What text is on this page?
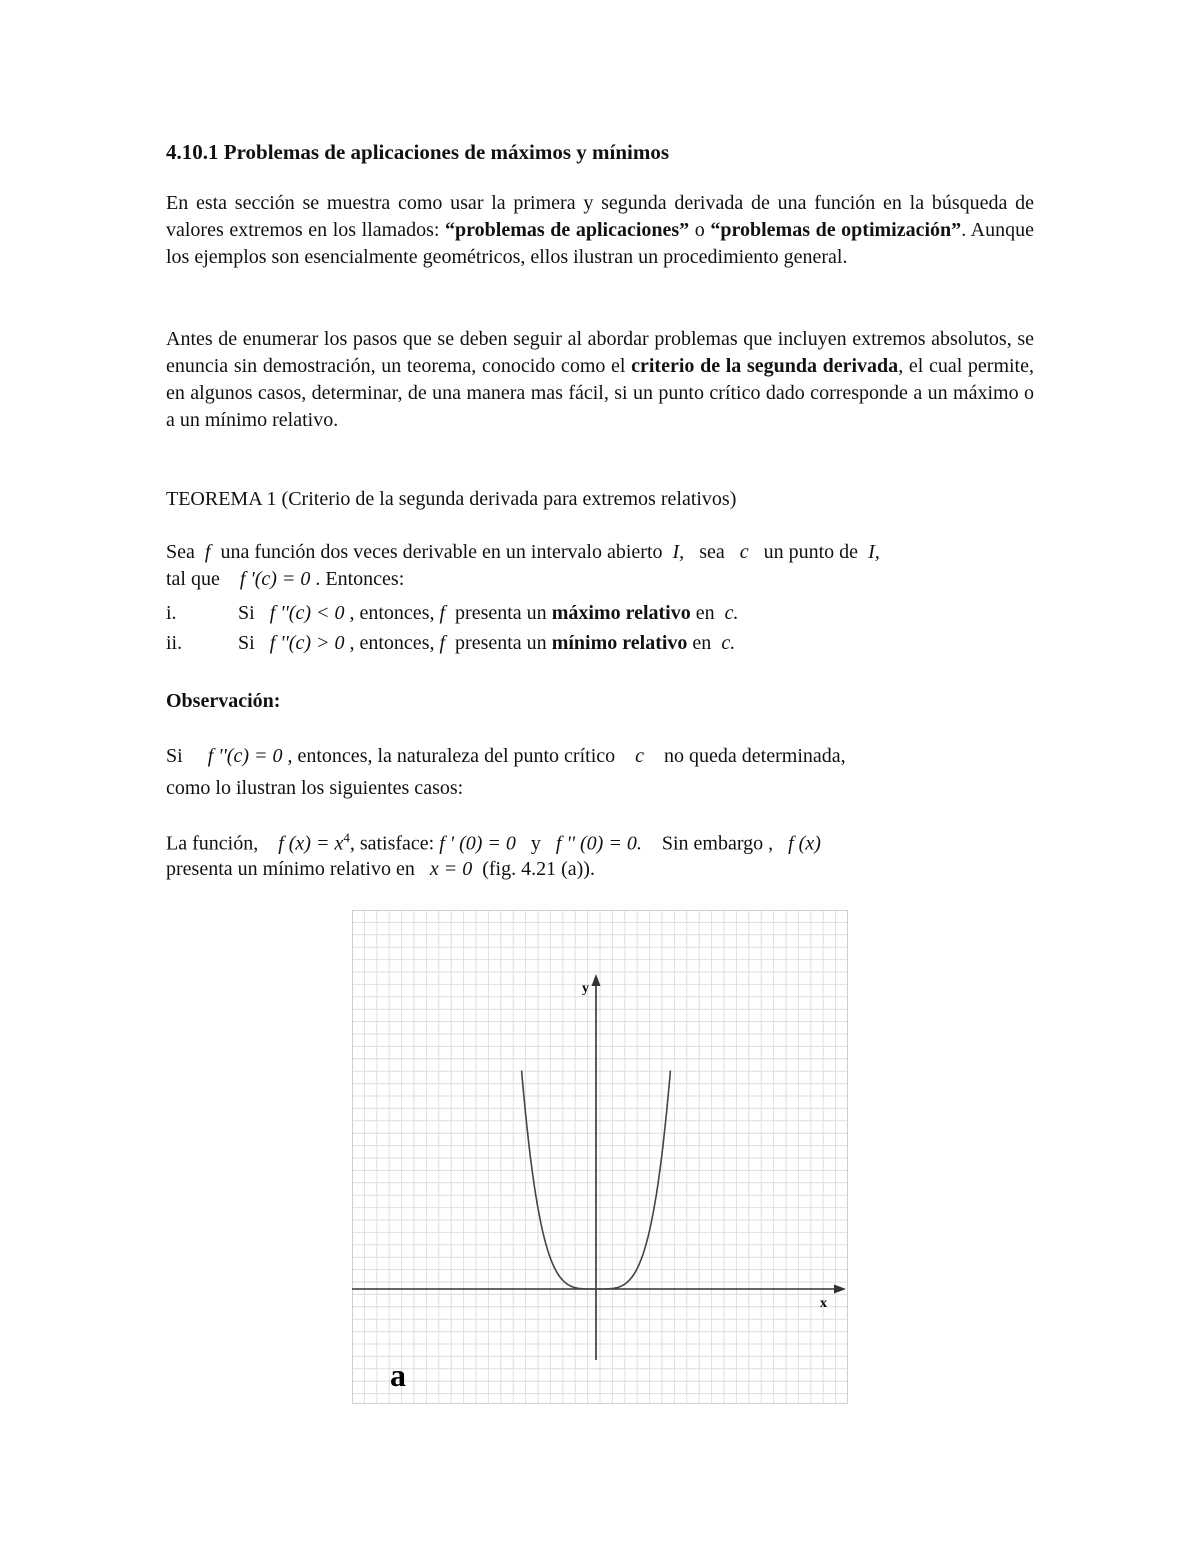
4.10.1 Problemas de aplicaciones de máximos y mínimos
En esta sección se muestra como usar la primera y segunda derivada de una función en la búsqueda de valores extremos en los llamados: “problemas de aplicaciones” o “problemas de optimización”. Aunque los ejemplos son esencialmente geométricos, ellos ilustran un procedimiento general.
Antes de enumerar los pasos que se deben seguir al abordar problemas que incluyen extremos absolutos, se enuncia sin demostración, un teorema, conocido como el criterio de la segunda derivada, el cual permite, en algunos casos, determinar, de una manera mas fácil, si un punto crítico dado corresponde a un máximo o a un mínimo relativo.
TEOREMA 1 (Criterio de la segunda derivada para extremos relativos)
Sea f una función dos veces derivable en un intervalo abierto I, sea c un punto de I,
tal que f '(c) = 0 . Entonces:
i.	Si f ''(c) < 0 , entonces, f presenta un máximo relativo en c.
ii.	Si f ''(c) > 0 , entonces, f presenta un mínimo relativo en c.
Observación:
Si f ''(c) = 0 , entonces, la naturaleza del punto crítico c no queda determinada,
como lo ilustran los siguientes casos:
La función, f $(x) = x^4$, satisface: f ' (0) = 0 y f '' (0) = 0. Sin embargo , f (x)
presenta un mínimo relativo en x = 0 (fig. 4.21 (a)).
x
y
a
